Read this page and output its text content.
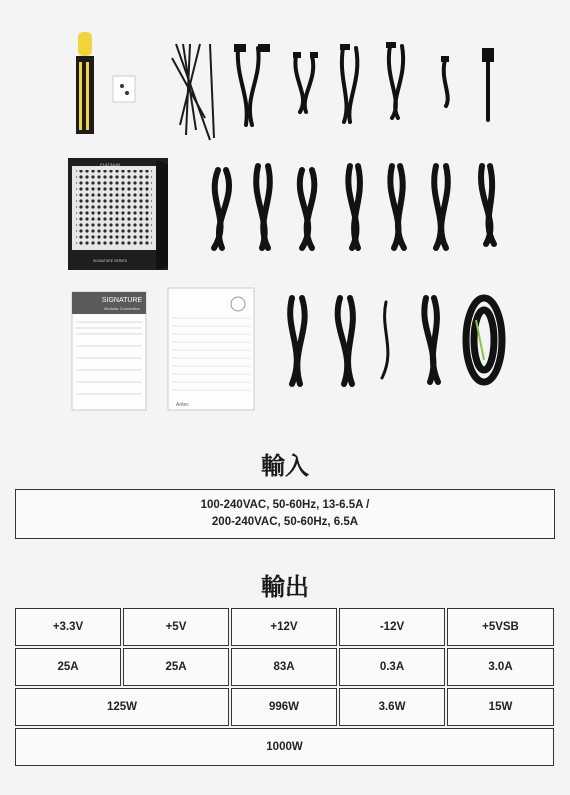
PLATINUM
SIGNATURE SERIES
SIGNATURE
Modular Connection
Antec
輸入
100-240VAC, 50-60Hz, 13-6.5A /
200-240VAC, 50-60Hz, 6.5A
輸出
+3.3V	+5V	+12V	-12V	+5VSB
25A	25A	83A	0.3A	3.0A
125W	996W	3.6W	15W
1000W
